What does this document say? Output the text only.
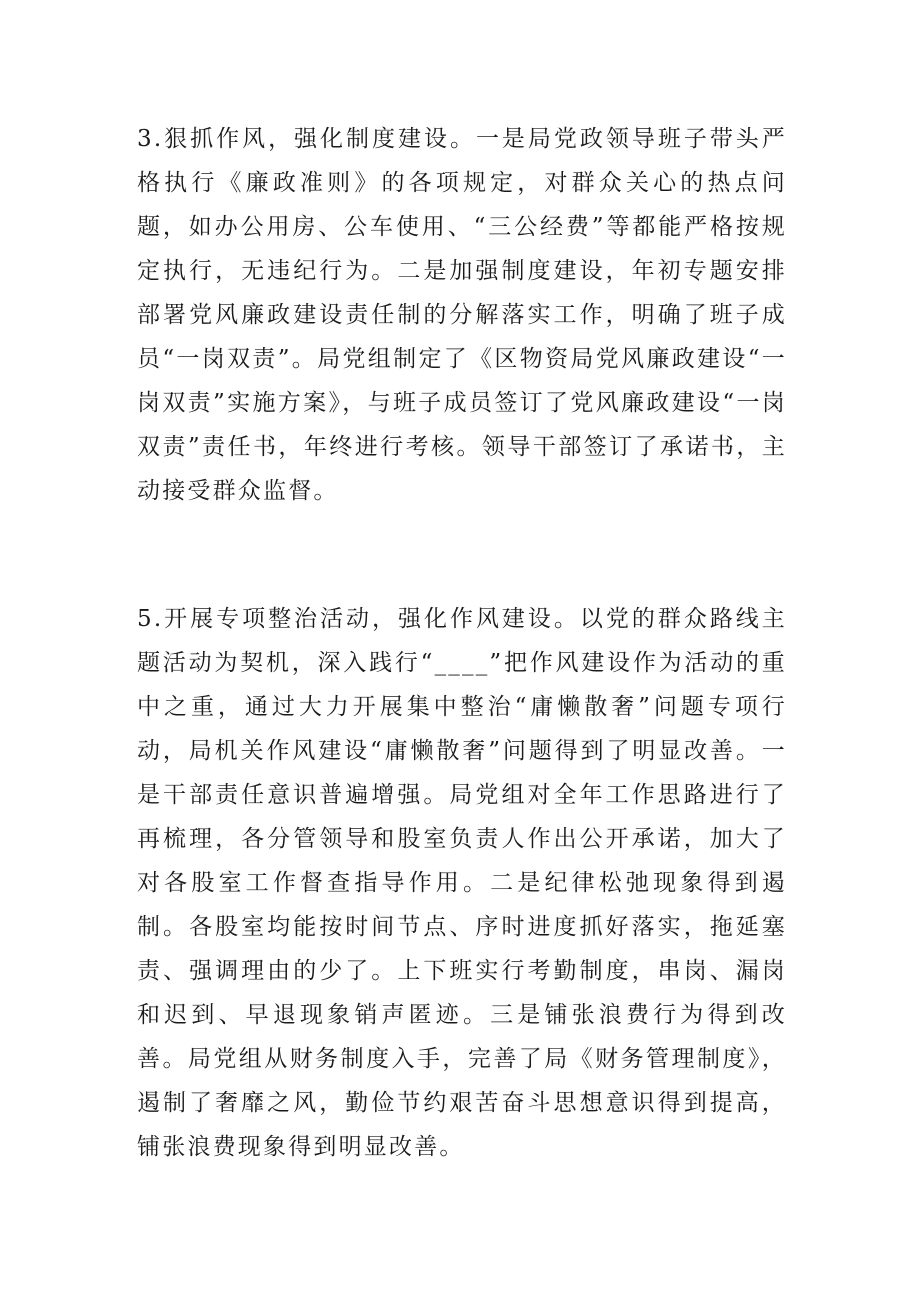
3.狠抓作风，强化制度建设。一是局党政领导班子带头严格执行《廉政准则》的各项规定，对群众关心的热点问题，如办公用房、公车使用、“三公经费”等都能严格按规定执行，无违纪行为。二是加强制度建设，年初专题安排部署党风廉政建设责任制的分解落实工作，明确了班子成员“一岗双责”。局党组制定了《区物资局党风廉政建设“一岗双责”实施方案》，与班子成员签订了党风廉政建设“一岗双责”责任书，年终进行考核。领导干部签订了承诺书，主动接受群众监督。

5.开展专项整治活动，强化作风建设。以党的群众路线主题活动为契机，深入践行“____”把作风建设作为活动的重中之重，通过大力开展集中整治“庸懒散奢”问题专项行动，局机关作风建设“庸懒散奢”问题得到了明显改善。一是干部责任意识普遍增强。局党组对全年工作思路进行了再梳理，各分管领导和股室负责人作出公开承诺，加大了对各股室工作督查指导作用。二是纪律松弛现象得到遏制。各股室均能按时间节点、序时进度抓好落实，拖延塞责、强调理由的少了。上下班实行考勤制度，串岗、漏岗和迟到、早退现象销声匿迹。三是铺张浪费行为得到改善。局党组从财务制度入手，完善了局《财务管理制度》，遏制了奢靡之风，勤俭节约艰苦奋斗思想意识得到提高，铺张浪费现象得到明显改善。
